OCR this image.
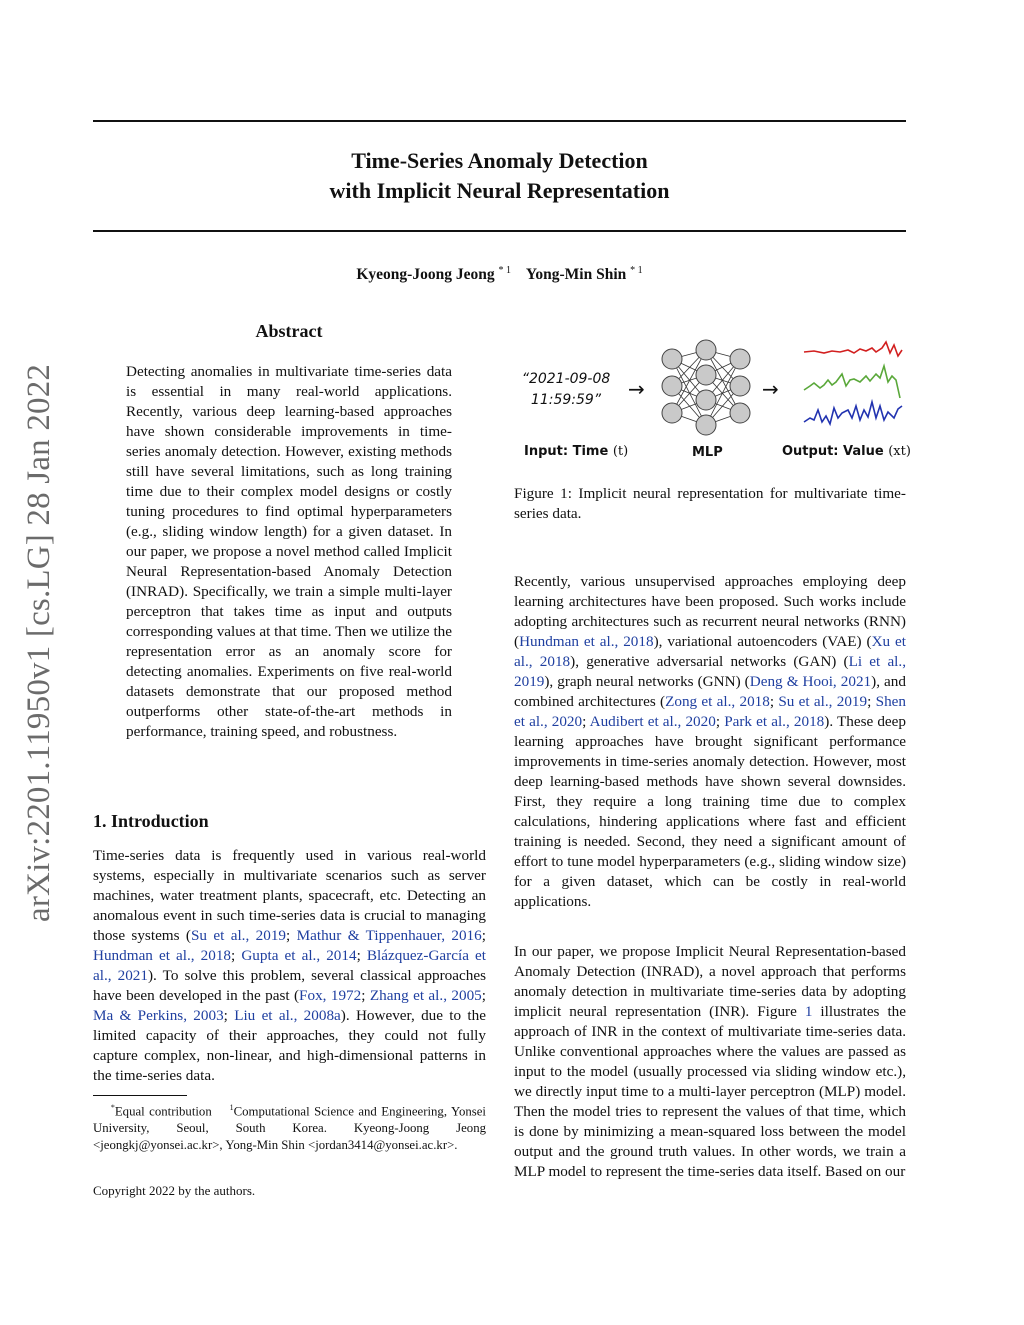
arXiv:2201.11950v1 [cs.LG] 28 Jan 2022
Time-Series Anomaly Detection
with Implicit Neural Representation
Kyeong-Joong Jeong $^{* 1}$ Yong-Min Shin $^{* 1}$
Abstract
Detecting anomalies in multivariate time-series data is essential in many real-world applications. Recently, various deep learning-based approaches have shown considerable improvements in time-series anomaly detection. However, existing methods still have several limitations, such as long training time due to their complex model designs or costly tuning procedures to find optimal hyperparameters (e.g., sliding window length) for a given dataset. In our paper, we propose a novel method called Implicit Neural Representation-based Anomaly Detection (INRAD). Specifically, we train a simple multi-layer perceptron that takes time as input and outputs corresponding values at that time. Then we utilize the representation error as an anomaly score for detecting anomalies. Experiments on five real-world datasets demonstrate that our proposed method outperforms other state-of-the-art methods in performance, training speed, and robustness.
1. Introduction
Time-series data is frequently used in various real-world systems, especially in multivariate scenarios such as server machines, water treatment plants, spacecraft, etc. Detecting an anomalous event in such time-series data is crucial to managing those systems (Su et al., 2019; Mathur & Tippenhauer, 2016; Hundman et al., 2018; Gupta et al., 2014; Blázquez-García et al., 2021). To solve this problem, several classical approaches have been developed in the past (Fox, 1972; Zhang et al., 2005; Ma & Perkins, 2003; Liu et al., 2008a). However, due to the limited capacity of their approaches, they could not fully capture complex, non-linear, and high-dimensional patterns in the time-series data.
*Equal contribution    $^1$Computational Science and Engineering, Yonsei University, Seoul, South Korea. Kyeong-Joong Jeong <jeongkj@yonsei.ac.kr>, Yong-Min Shin <jordan3414@yonsei.ac.kr>.
Copyright 2022 by the authors.
“2021-09-08
11:59:59” →	→
Input: Time (t)	MLP	Output: Value (xt)
Figure 1: Implicit neural representation for multivariate time-series data.
Recently, various unsupervised approaches employing deep learning architectures have been proposed. Such works include adopting architectures such as recurrent neural networks (RNN) (Hundman et al., 2018), variational autoencoders (VAE) (Xu et al., 2018), generative adversarial networks (GAN) (Li et al., 2019), graph neural networks (GNN) (Deng & Hooi, 2021), and combined architectures (Zong et al., 2018; Su et al., 2019; Shen et al., 2020; Audibert et al., 2020; Park et al., 2018). These deep learning approaches have brought significant performance improvements in time-series anomaly detection. However, most deep learning-based methods have shown several downsides. First, they require a long training time due to complex calculations, hindering applications where fast and efficient training is needed. Second, they need a significant amount of effort to tune model hyperparameters (e.g., sliding window size) for a given dataset, which can be costly in real-world applications.
In our paper, we propose Implicit Neural Representation-based Anomaly Detection (INRAD), a novel approach that performs anomaly detection in multivariate time-series data by adopting implicit neural representation (INR). Figure 1 illustrates the approach of INR in the context of multivariate time-series data. Unlike conventional approaches where the values are passed as input to the model (usually processed via sliding window etc.), we directly input time to a multi-layer perceptron (MLP) model. Then the model tries to represent the values of that time, which is done by minimizing a mean-squared loss between the model output and the ground truth values. In other words, we train a MLP model to represent the time-series data itself. Based on our
